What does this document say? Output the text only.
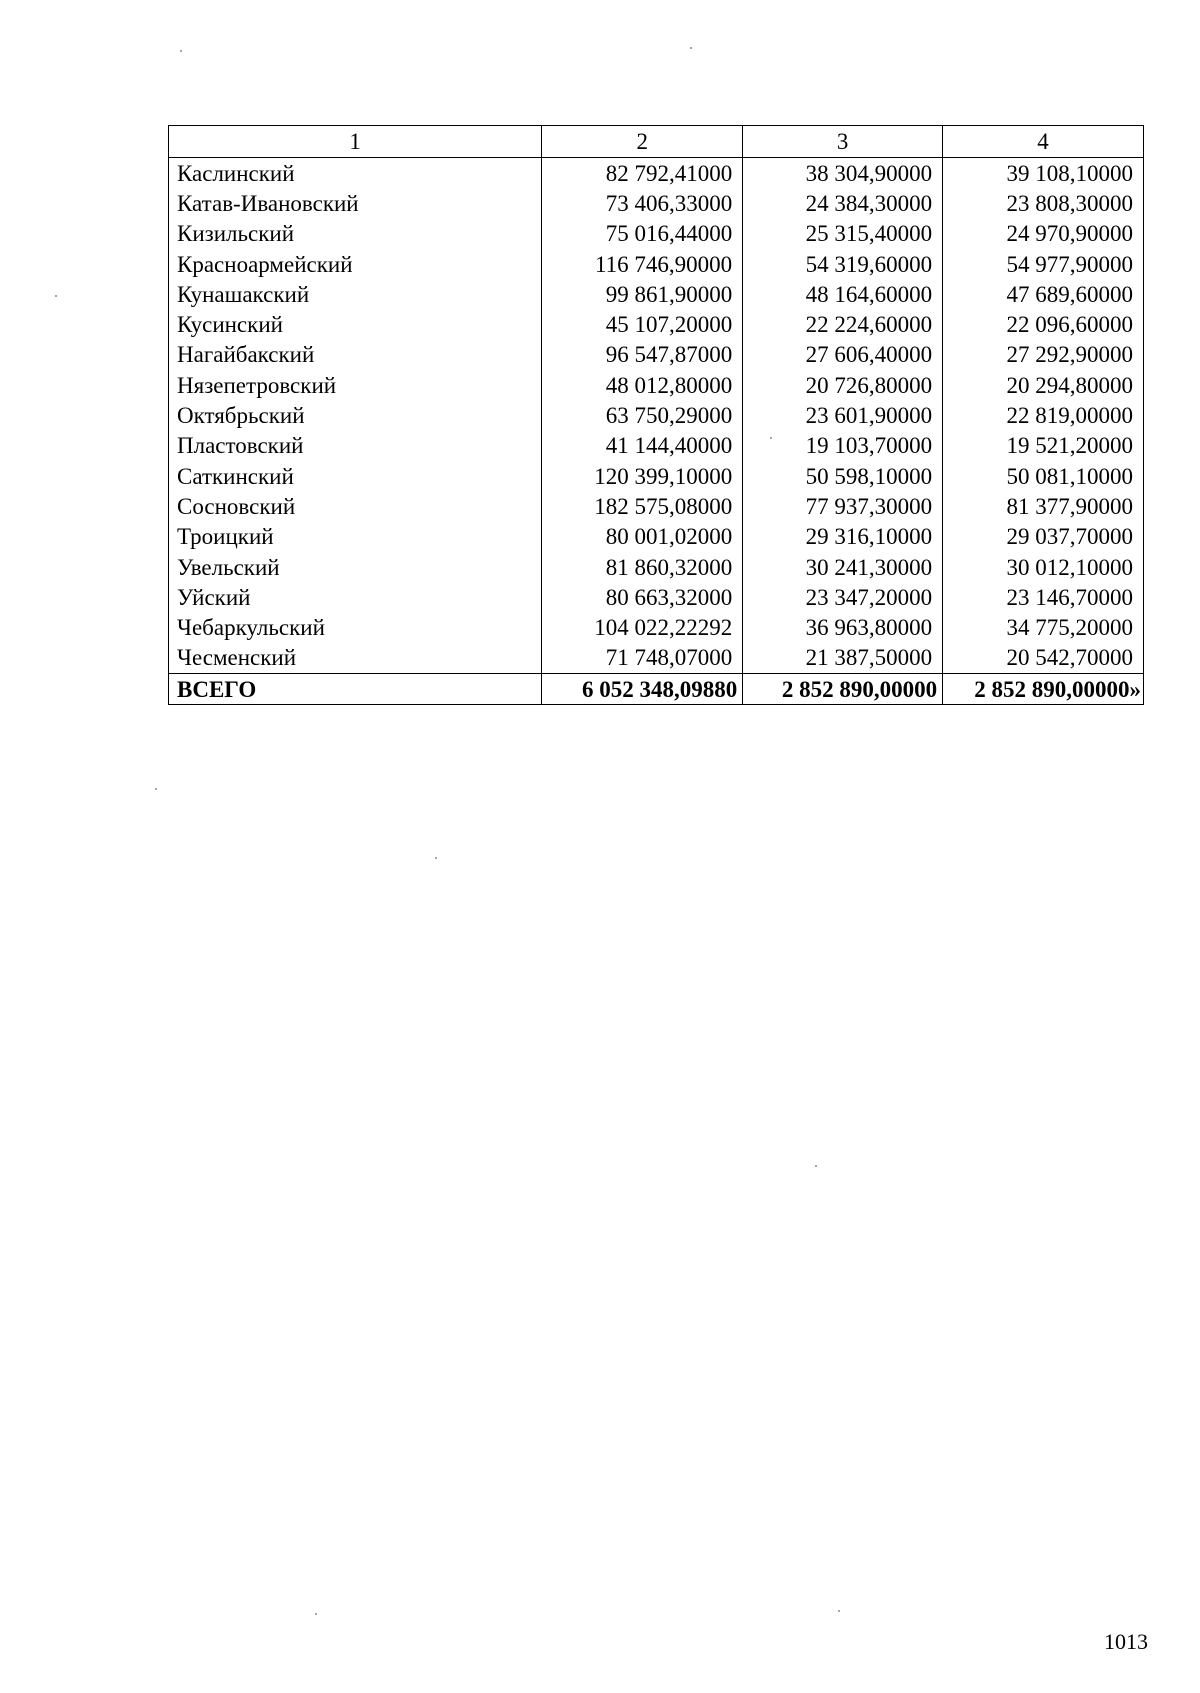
1	2	3	4
Каслинский	82 792,41000	38 304,90000	39 108,10000
Катав-Ивановский	73 406,33000	24 384,30000	23 808,30000
Кизильский	75 016,44000	25 315,40000	24 970,90000
Красноармейский	116 746,90000	54 319,60000	54 977,90000
Кунашакский	99 861,90000	48 164,60000	47 689,60000
Кусинский	45 107,20000	22 224,60000	22 096,60000
Нагайбакский	96 547,87000	27 606,40000	27 292,90000
Нязепетровский	48 012,80000	20 726,80000	20 294,80000
Октябрьский	63 750,29000	23 601,90000	22 819,00000
Пластовский	41 144,40000	19 103,70000	19 521,20000
Саткинский	120 399,10000	50 598,10000	50 081,10000
Сосновский	182 575,08000	77 937,30000	81 377,90000
Троицкий	80 001,02000	29 316,10000	29 037,70000
Увельский	81 860,32000	30 241,30000	30 012,10000
Уйский	80 663,32000	23 347,20000	23 146,70000
Чебаркульский	104 022,22292	36 963,80000	34 775,20000
Чесменский	71 748,07000	21 387,50000	20 542,70000
ВСЕГО	6 052 348,09880	2 852 890,00000	2 852 890,00000»
1013
